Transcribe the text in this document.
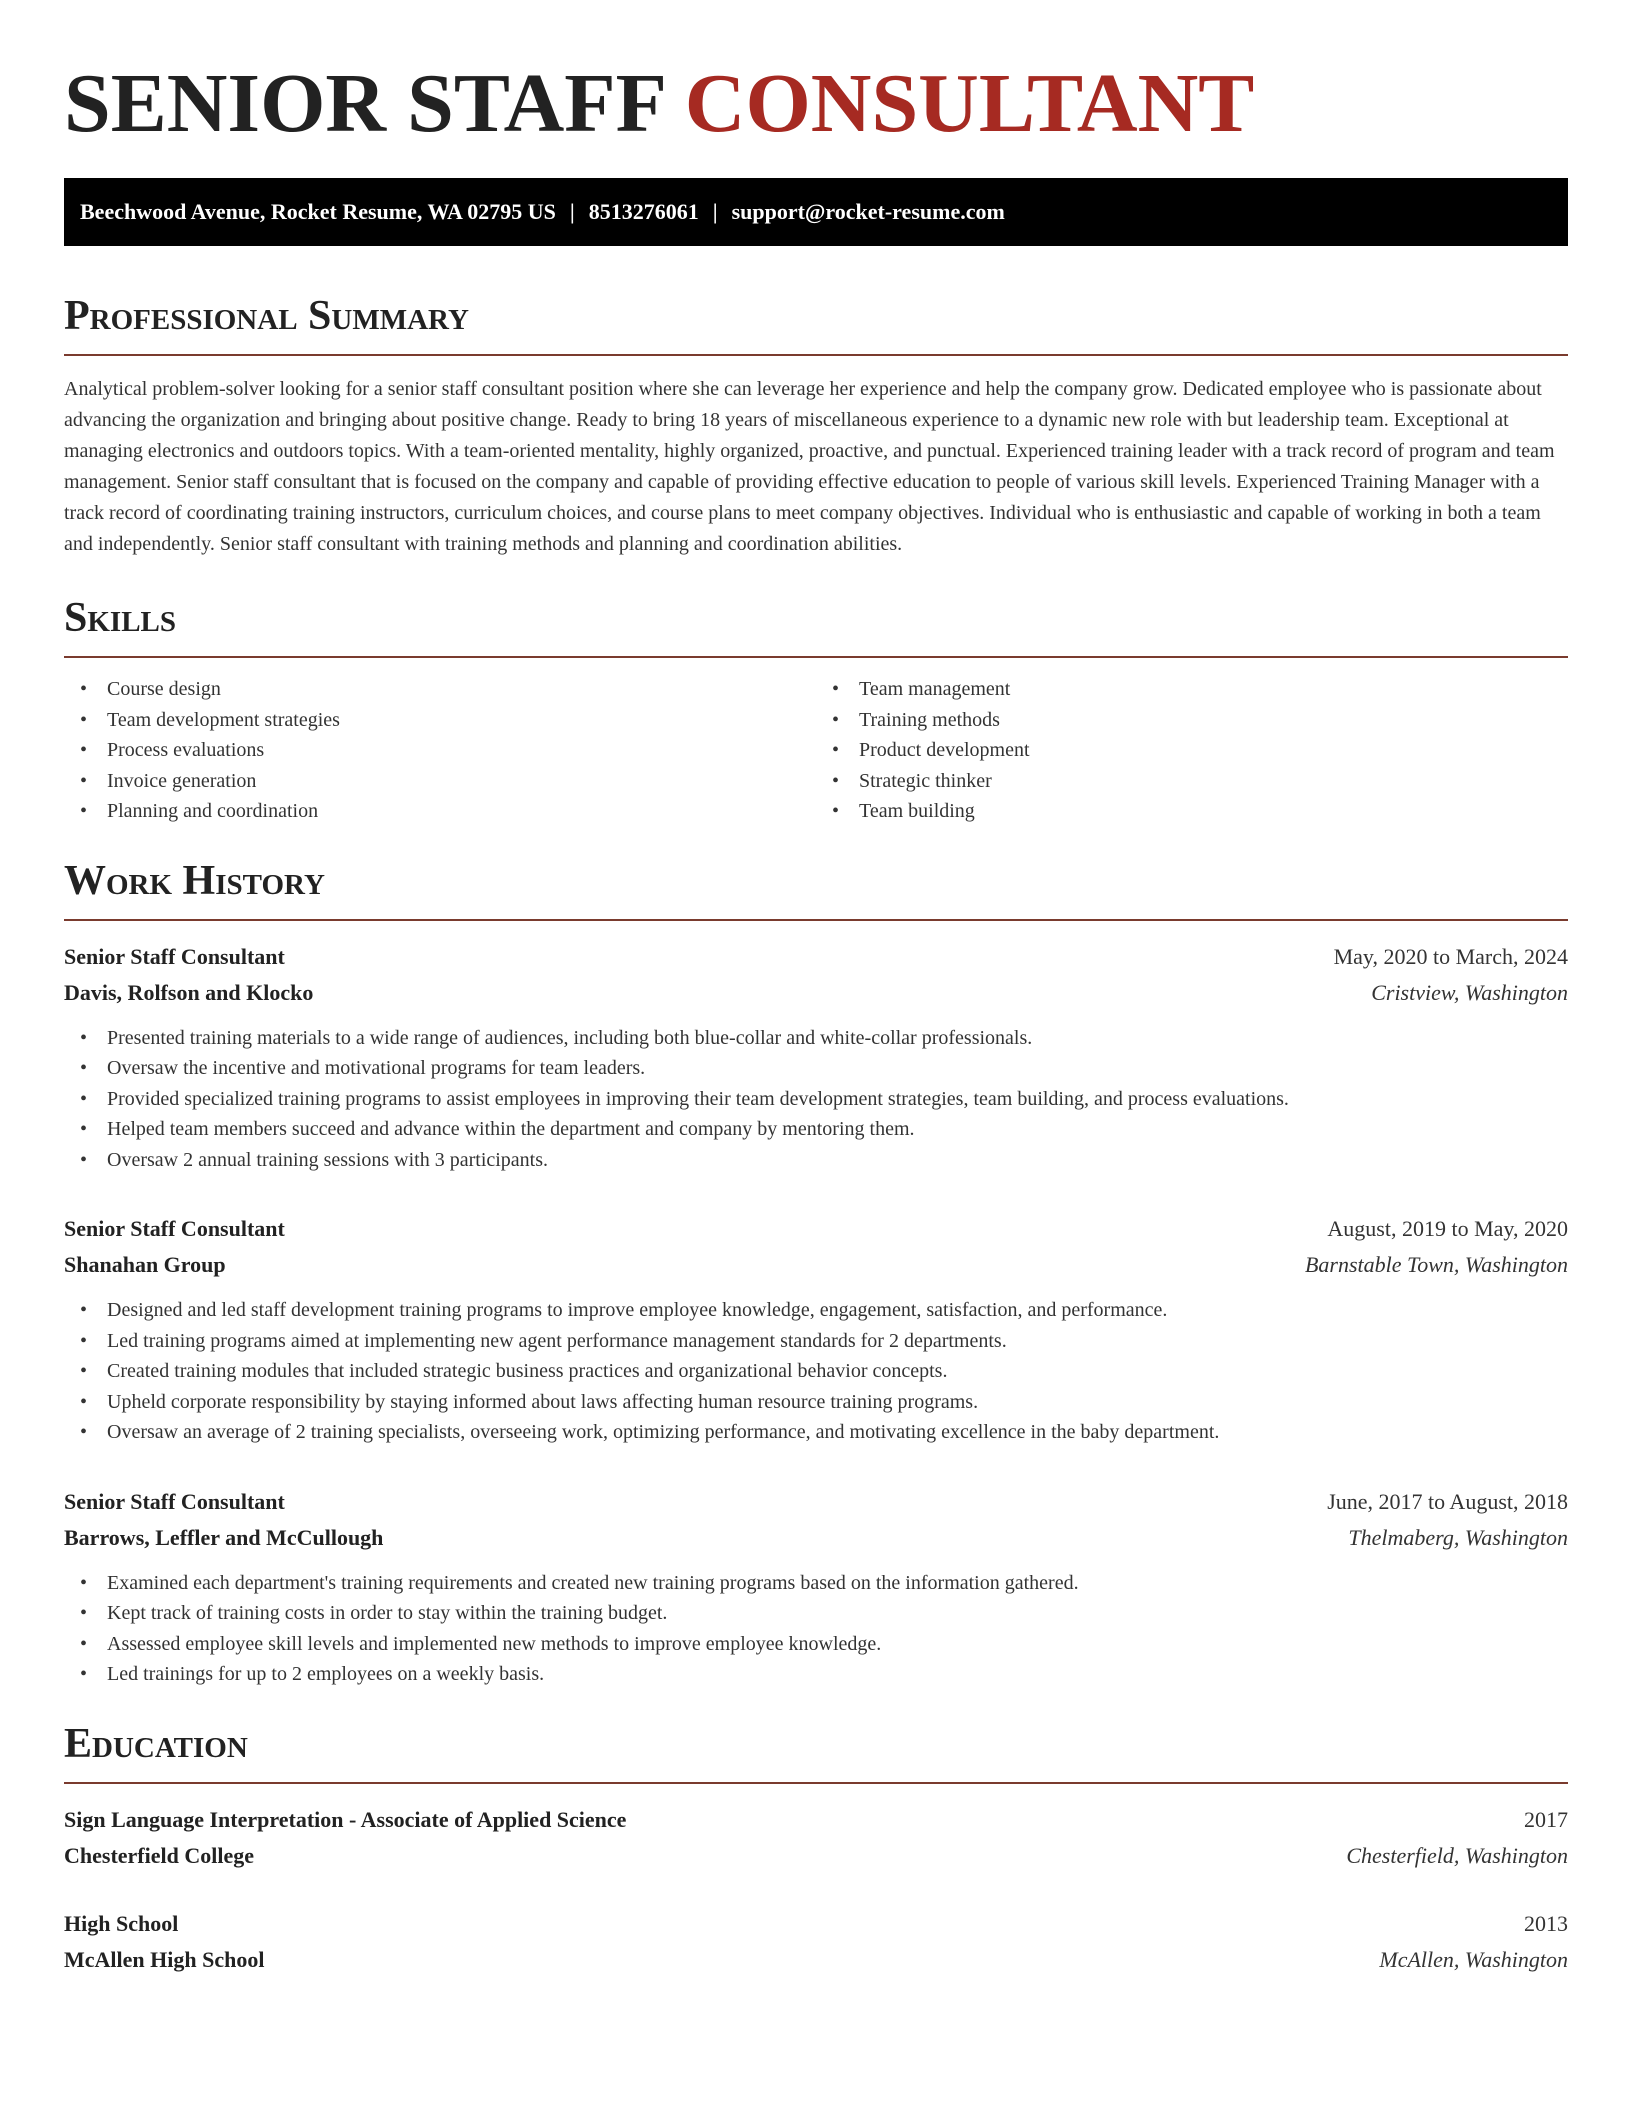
SENIOR STAFF CONSULTANT
Beechwood Avenue, Rocket Resume, WA 02795 US | 8513276061 | support@rocket-resume.com
Professional Summary

Analytical problem-solver looking for a senior staff consultant position where she can leverage her experience and help the company grow. Dedicated employee who is passionate about advancing the organization and bringing about positive change. Ready to bring 18 years of miscellaneous experience to a dynamic new role with but leadership team. Exceptional at managing electronics and outdoors topics. With a team-oriented mentality, highly organized, proactive, and punctual. Experienced training leader with a track record of program and team management. Senior staff consultant that is focused on the company and capable of providing effective education to people of various skill levels. Experienced Training Manager with a track record of coordinating training instructors, curriculum choices, and course plans to meet company objectives. Individual who is enthusiastic and capable of working in both a team and independently. Senior staff consultant with training methods and planning and coordination abilities.

Skills
• Course design
• Team development strategies
• Process evaluations
• Invoice generation
• Planning and coordination
• Team management
• Training methods
• Product development
• Strategic thinker
• Team building
Work History
Senior Staff Consultant	May, 2020 to March, 2024
Davis, Rolfson and Klocko	Cristview, Washington
• Presented training materials to a wide range of audiences, including both blue-collar and white-collar professionals.
• Oversaw the incentive and motivational programs for team leaders.
• Provided specialized training programs to assist employees in improving their team development strategies, team building, and process evaluations.
• Helped team members succeed and advance within the department and company by mentoring them.
• Oversaw 2 annual training sessions with 3 participants.
Senior Staff Consultant	August, 2019 to May, 2020
Shanahan Group	Barnstable Town, Washington
• Designed and led staff development training programs to improve employee knowledge, engagement, satisfaction, and performance.
• Led training programs aimed at implementing new agent performance management standards for 2 departments.
• Created training modules that included strategic business practices and organizational behavior concepts.
• Upheld corporate responsibility by staying informed about laws affecting human resource training programs.
• Oversaw an average of 2 training specialists, overseeing work, optimizing performance, and motivating excellence in the baby department.
Senior Staff Consultant	June, 2017 to August, 2018
Barrows, Leffler and McCullough	Thelmaberg, Washington
• Examined each department's training requirements and created new training programs based on the information gathered.
• Kept track of training costs in order to stay within the training budget.
• Assessed employee skill levels and implemented new methods to improve employee knowledge.
• Led trainings for up to 2 employees on a weekly basis.
Education
Sign Language Interpretation - Associate of Applied Science	2017
Chesterfield College	Chesterfield, Washington
High School	2013
McAllen High School	McAllen, Washington
